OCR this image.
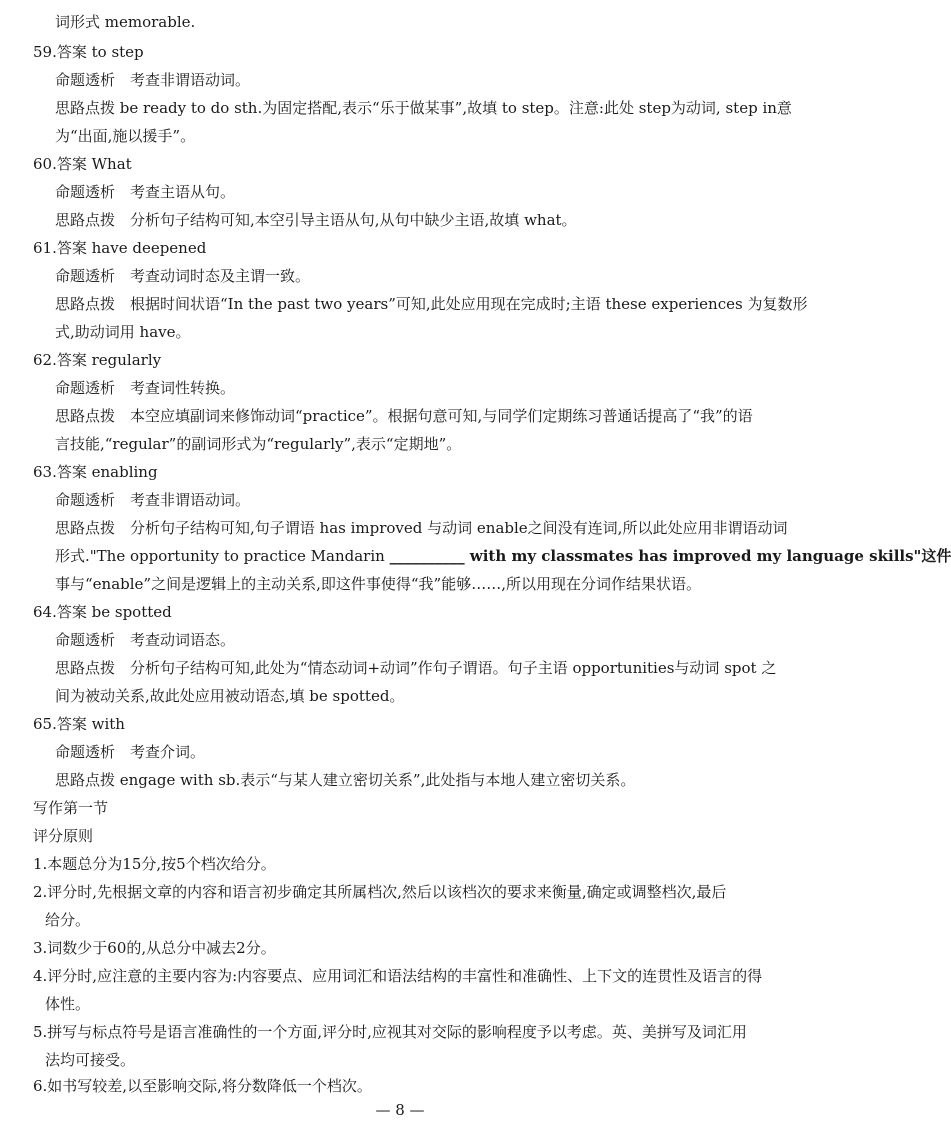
词形式 memorable.
59.答案 to step
命题透析　考查非谓语动词。
思路点拨 be ready to do sth.为固定搭配,表示“乐于做某事”,故填 to step。注意:此处 step为动词, step in意
为“出面,施以援手”。
60.答案 What
命题透析　考查主语从句。
思路点拨　分析句子结构可知,本空引导主语从句,从句中缺少主语,故填 what。
61.答案 have deepened
命题透析　考查动词时态及主谓一致。
思路点拨　根据时间状语“In the past two years”可知,此处应用现在完成时;主语 these experiences 为复数形
式,助动词用 have。
62.答案 regularly
命题透析　考查词性转换。
思路点拨　本空应填副词来修饰动词“practice”。根据句意可知,与同学们定期练习普通话提高了“我”的语
言技能,“regular”的副词形式为“regularly”,表示“定期地”。
63.答案 enabling
命题透析　考查非谓语动词。
思路点拨　分析句子结构可知,句子谓语 has improved 与动词 enable之间没有连词,所以此处应用非谓语动词
形式."The opportunity to practice Mandarin __________ with my classmates has improved my language skills"这件
事与“enable”之间是逻辑上的主动关系,即这件事使得“我”能够……,所以用现在分词作结果状语。
64.答案 be spotted
命题透析　考查动词语态。
思路点拨　分析句子结构可知,此处为“情态动词+动词”作句子谓语。句子主语 opportunities与动词 spot 之
间为被动关系,故此处应用被动语态,填 be spotted。
65.答案 with
命题透析　考查介词。
思路点拨 engage with sb.表示“与某人建立密切关系”,此处指与本地人建立密切关系。
写作第一节
评分原则
1.本题总分为15分,按5个档次给分。
2.评分时,先根据文章的内容和语言初步确定其所属档次,然后以该档次的要求来衡量,确定或调整档次,最后
给分。
3.词数少于60的,从总分中减去2分。
4.评分时,应注意的主要内容为:内容要点、应用词汇和语法结构的丰富性和准确性、上下文的连贯性及语言的得
体性。
5.拼写与标点符号是语言准确性的一个方面,评分时,应视其对交际的影响程度予以考虑。英、美拼写及词汇用
法均可接受。
6.如书写较差,以至影响交际,将分数降低一个档次。
— 8 —
